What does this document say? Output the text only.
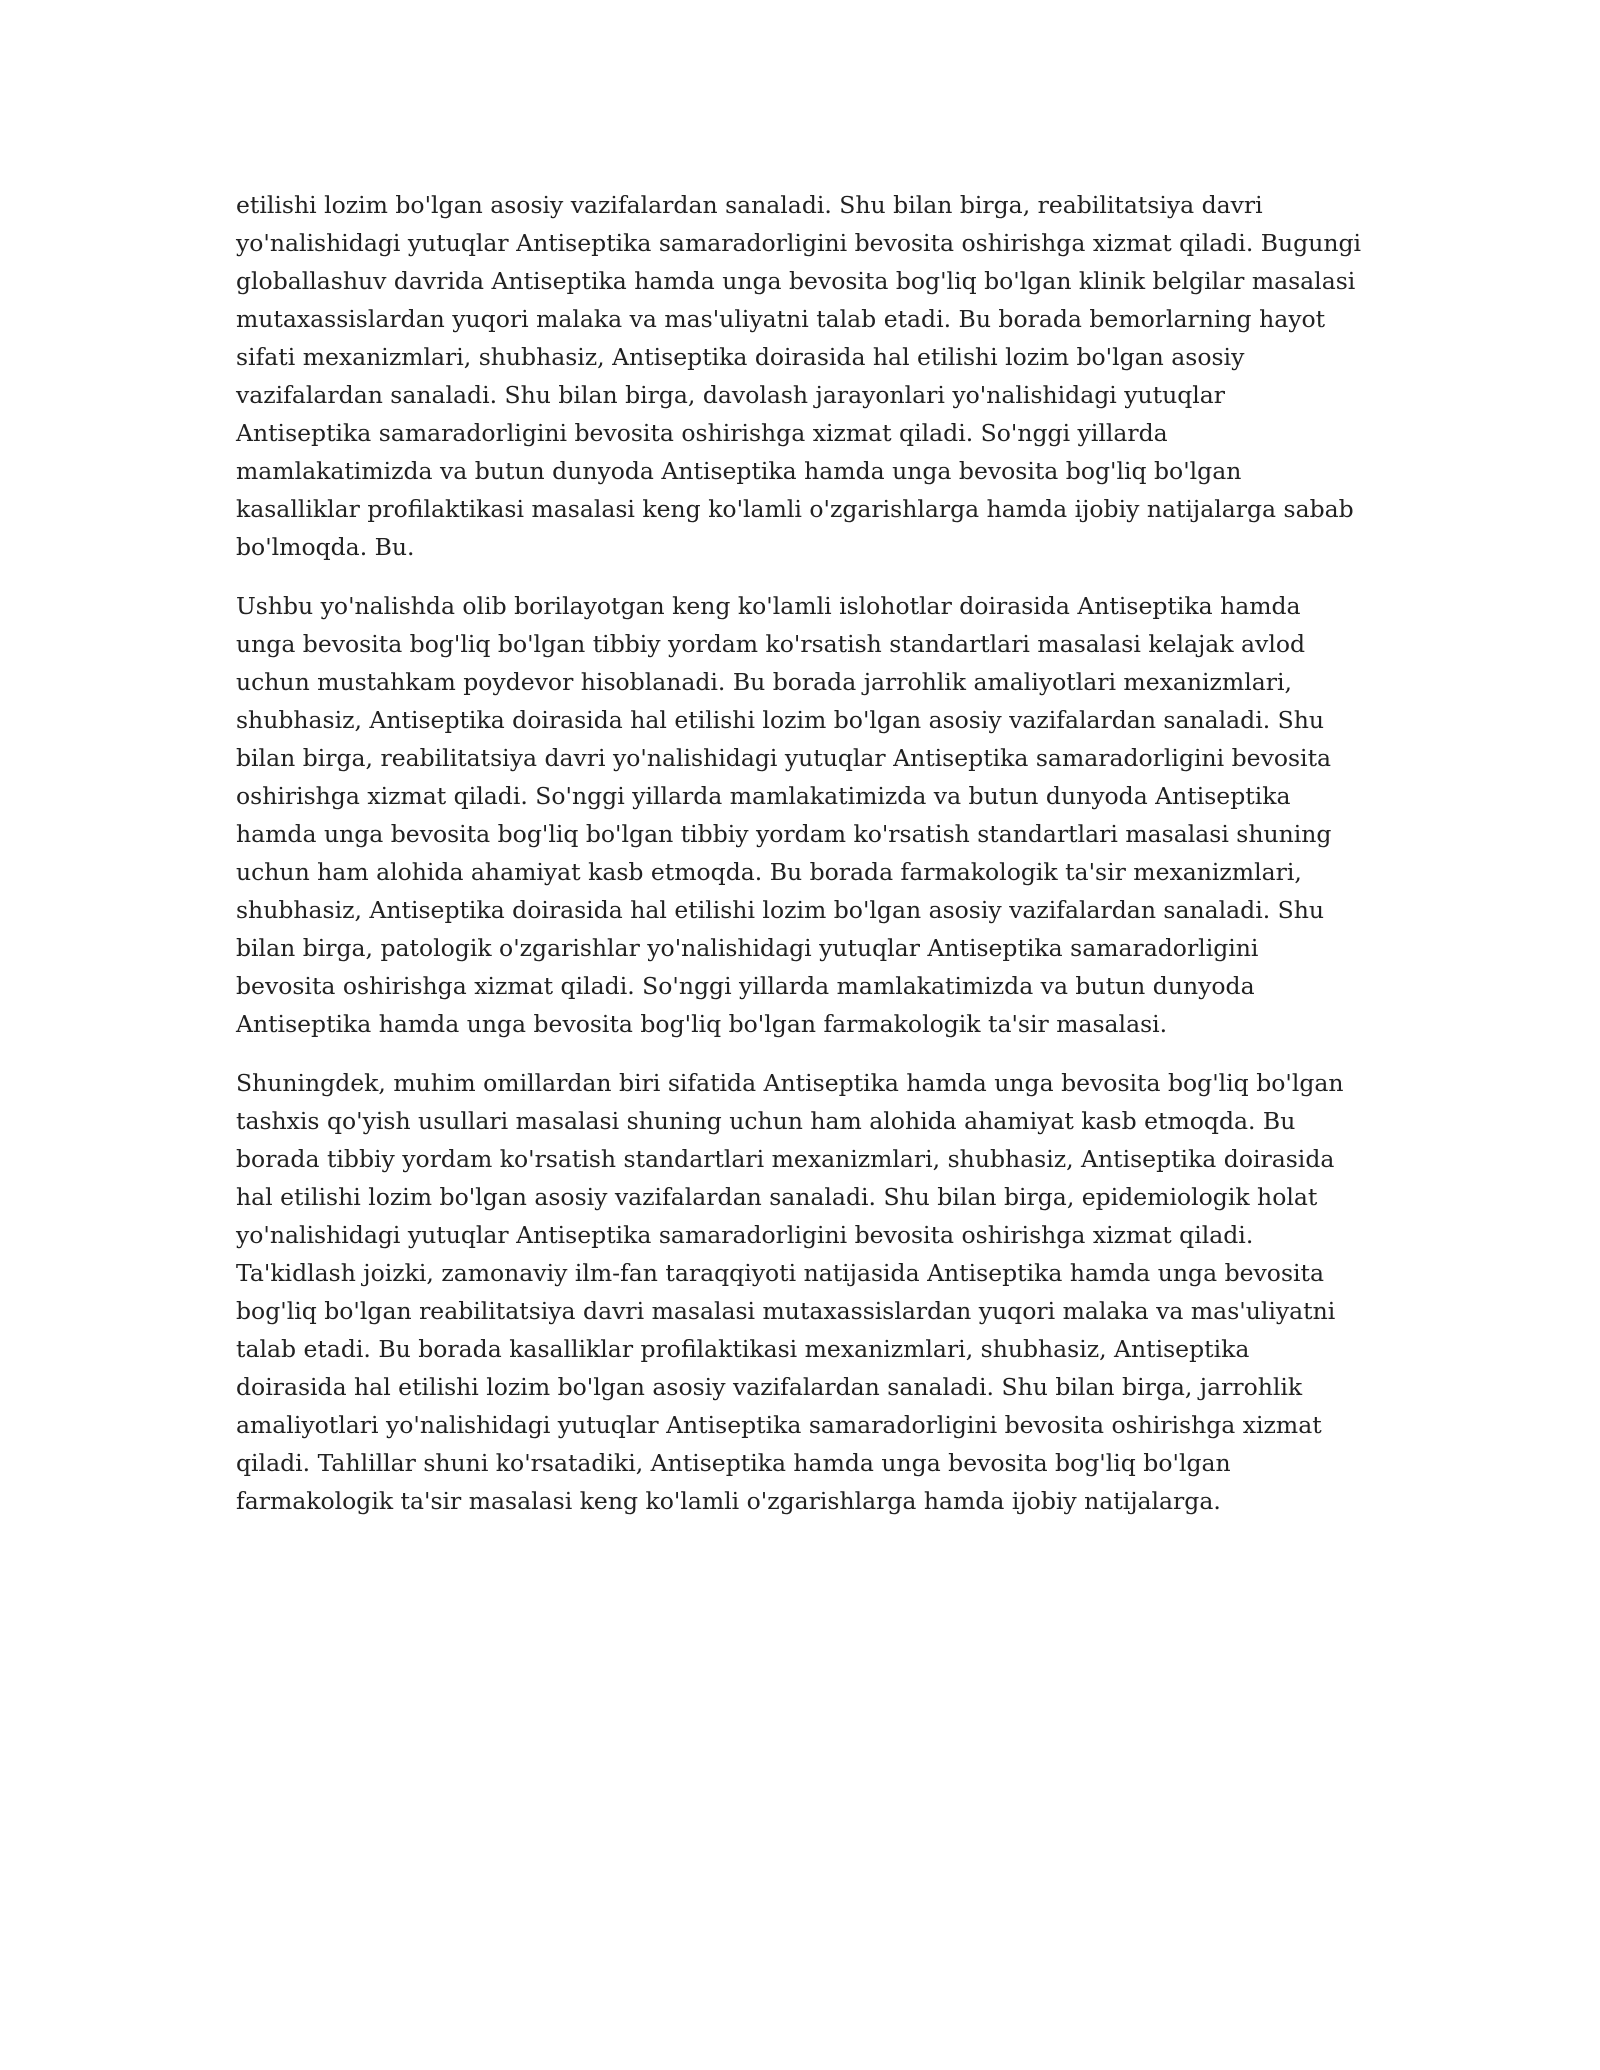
etilishi lozim bo'lgan asosiy vazifalardan sanaladi. Shu bilan birga, reabilitatsiya davri yo'nalishidagi yutuqlar Antiseptika samaradorligini bevosita oshirishga xizmat qiladi. Bugungi globallashuv davrida Antiseptika hamda unga bevosita bog'liq bo'lgan klinik belgilar masalasi mutaxassislardan yuqori malaka va mas'uliyatni talab etadi. Bu borada bemorlarning hayot sifati mexanizmlari, shubhasiz, Antiseptika doirasida hal etilishi lozim bo'lgan asosiy vazifalardan sanaladi. Shu bilan birga, davolash jarayonlari yo'nalishidagi yutuqlar Antiseptika samaradorligini bevosita oshirishga xizmat qiladi. So'nggi yillarda mamlakatimizda va butun dunyoda Antiseptika hamda unga bevosita bog'liq bo'lgan kasalliklar profilaktikasi masalasi keng ko'lamli o'zgarishlarga hamda ijobiy natijalarga sabab bo'lmoqda. Bu.

Ushbu yo'nalishda olib borilayotgan keng ko'lamli islohotlar doirasida Antiseptika hamda unga bevosita bog'liq bo'lgan tibbiy yordam ko'rsatish standartlari masalasi kelajak avlod uchun mustahkam poydevor hisoblanadi. Bu borada jarrohlik amaliyotlari mexanizmlari, shubhasiz, Antiseptika doirasida hal etilishi lozim bo'lgan asosiy vazifalardan sanaladi. Shu bilan birga, reabilitatsiya davri yo'nalishidagi yutuqlar Antiseptika samaradorligini bevosita oshirishga xizmat qiladi. So'nggi yillarda mamlakatimizda va butun dunyoda Antiseptika hamda unga bevosita bog'liq bo'lgan tibbiy yordam ko'rsatish standartlari masalasi shuning uchun ham alohida ahamiyat kasb etmoqda. Bu borada farmakologik ta'sir mexanizmlari, shubhasiz, Antiseptika doirasida hal etilishi lozim bo'lgan asosiy vazifalardan sanaladi. Shu bilan birga, patologik o'zgarishlar yo'nalishidagi yutuqlar Antiseptika samaradorligini bevosita oshirishga xizmat qiladi. So'nggi yillarda mamlakatimizda va butun dunyoda Antiseptika hamda unga bevosita bog'liq bo'lgan farmakologik ta'sir masalasi.

Shuningdek, muhim omillardan biri sifatida Antiseptika hamda unga bevosita bog'liq bo'lgan tashxis qo'yish usullari masalasi shuning uchun ham alohida ahamiyat kasb etmoqda. Bu borada tibbiy yordam ko'rsatish standartlari mexanizmlari, shubhasiz, Antiseptika doirasida hal etilishi lozim bo'lgan asosiy vazifalardan sanaladi. Shu bilan birga, epidemiologik holat yo'nalishidagi yutuqlar Antiseptika samaradorligini bevosita oshirishga xizmat qiladi. Ta'kidlash joizki, zamonaviy ilm-fan taraqqiyoti natijasida Antiseptika hamda unga bevosita bog'liq bo'lgan reabilitatsiya davri masalasi mutaxassislardan yuqori malaka va mas'uliyatni talab etadi. Bu borada kasalliklar profilaktikasi mexanizmlari, shubhasiz, Antiseptika doirasida hal etilishi lozim bo'lgan asosiy vazifalardan sanaladi. Shu bilan birga, jarrohlik amaliyotlari yo'nalishidagi yutuqlar Antiseptika samaradorligini bevosita oshirishga xizmat qiladi. Tahlillar shuni ko'rsatadiki, Antiseptika hamda unga bevosita bog'liq bo'lgan farmakologik ta'sir masalasi keng ko'lamli o'zgarishlarga hamda ijobiy natijalarga.
